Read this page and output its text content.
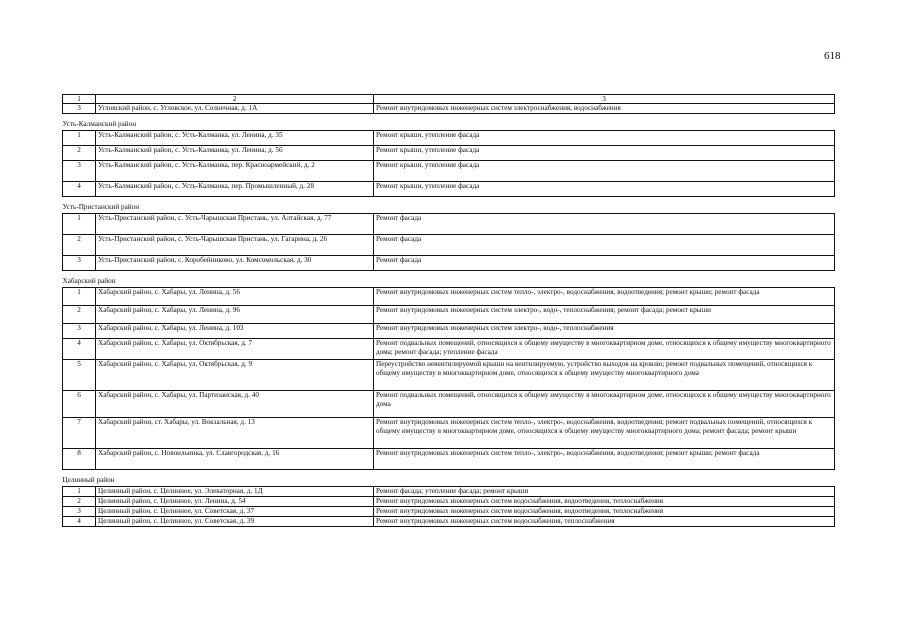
618
1	2	3
3	Угловский район, с. Угловское, ул. Солнечная, д. 1А	Ремонт внутридомовых инженерных систем электроснабжения, водоснабжения
Усть-Калманский район		
1	Усть-Калманский район, с. Усть-Калманка, ул. Ленина, д. 35	Ремонт крыши, утепление фасада
2	Усть-Калманский район, с. Усть-Калманка, ул. Ленина, д. 56	Ремонт крыши, утепление фасада
3	Усть-Калманский район, с. Усть-Калманка, пер. Красноармейский, д. 2	Ремонт крыши, утепление фасада
4	Усть-Калманский район, с. Усть-Калманка, пер. Промышленный, д. 28	Ремонт крыши, утепление фасада
Усть-Пристанский район		
1	Усть-Пристанский район, с. Усть-Чарышская Пристань, ул. Алтайская, д. 77	Ремонт фасада
2	Усть-Пристанский район, с. Усть-Чарышская Пристань, ул. Гагарина, д. 26	Ремонт фасада
3	Усть-Пристанский район, с. Коробейниково, ул. Комсомольская, д. 30	Ремонт фасада
Хабарский район		
1	Хабарский район, с. Хабары, ул. Ленина, д. 56	Ремонт внутридомовых инженерных систем тепло-, электро-, водоснабжения, водоотведения; ремонт крыши; ремонт фасада
2	Хабарский район, с. Хабары, ул. Ленина, д. 96	Ремонт внутридомовых инженерных систем электро-, водо-, теплоснабжения; ремонт фасада; ремонт крыши
3	Хабарский район, с. Хабары, ул. Ленина, д. 103	Ремонт внутридомовых инженерных систем электро-, водо-, теплоснабжения
4	Хабарский район, с. Хабары, ул. Октябрьская, д. 7	Ремонт подвальных помещений, относящихся к общему имуществу в многоквартирном доме, относящихся к общему имуществу многоквартирного дома; ремонт фасада; утепление фасада
5	Хабарский район, с. Хабары, ул. Октябрьская, д. 9	Переустройство невентилируемой крыши на вентилируемую, устройство выходов на кровлю; ремонт подвальных помещений, относящихся к общему имуществу в многоквартирном доме, относящихся к общему имуществу многоквартирного дома
6	Хабарский район, с. Хабары, ул. Партизанская, д. 40	Ремонт подвальных помещений, относящихся к общему имуществу в многоквартирном доме, относящихся к общему имуществу многоквартирного дома
7	Хабарский район, ст. Хабары, ул. Вокзальная, д. 13	Ремонт внутридомовых инженерных систем тепло-, электро-, водоснабжения, водоотведения; ремонт подвальных помещений, относящихся к общему имуществу в многоквартирном доме, относящихся к общему имуществу многоквартирного дома; ремонт фасада; ремонт крыши
8	Хабарский район, с. Новоильинка, ул. Славгородская, д. 16	Ремонт внутридомовых инженерных систем тепло-, электро-, водоснабжения, водоотведения; ремонт крыши; ремонт фасада
Целинный район		
1	Целинный район, с. Целинное, ул. Элеваторная, д. 1Д	Ремонт фасада; утепление фасада; ремонт крыши
2	Целинный район, с. Целинное, ул. Ленина, д. 54	Ремонт внутридомовых инженерных систем водоснабжения, водоотведения, теплоснабжения
3	Целинный район, с. Целинное, ул. Советская, д. 37	Ремонт внутридомовых инженерных систем водоснабжения, водоотведения, теплоснабжения
4	Целинный район, с. Целинное, ул. Советская, д. 39	Ремонт внутридомовых инженерных систем водоснабжения, теплоснабжения
